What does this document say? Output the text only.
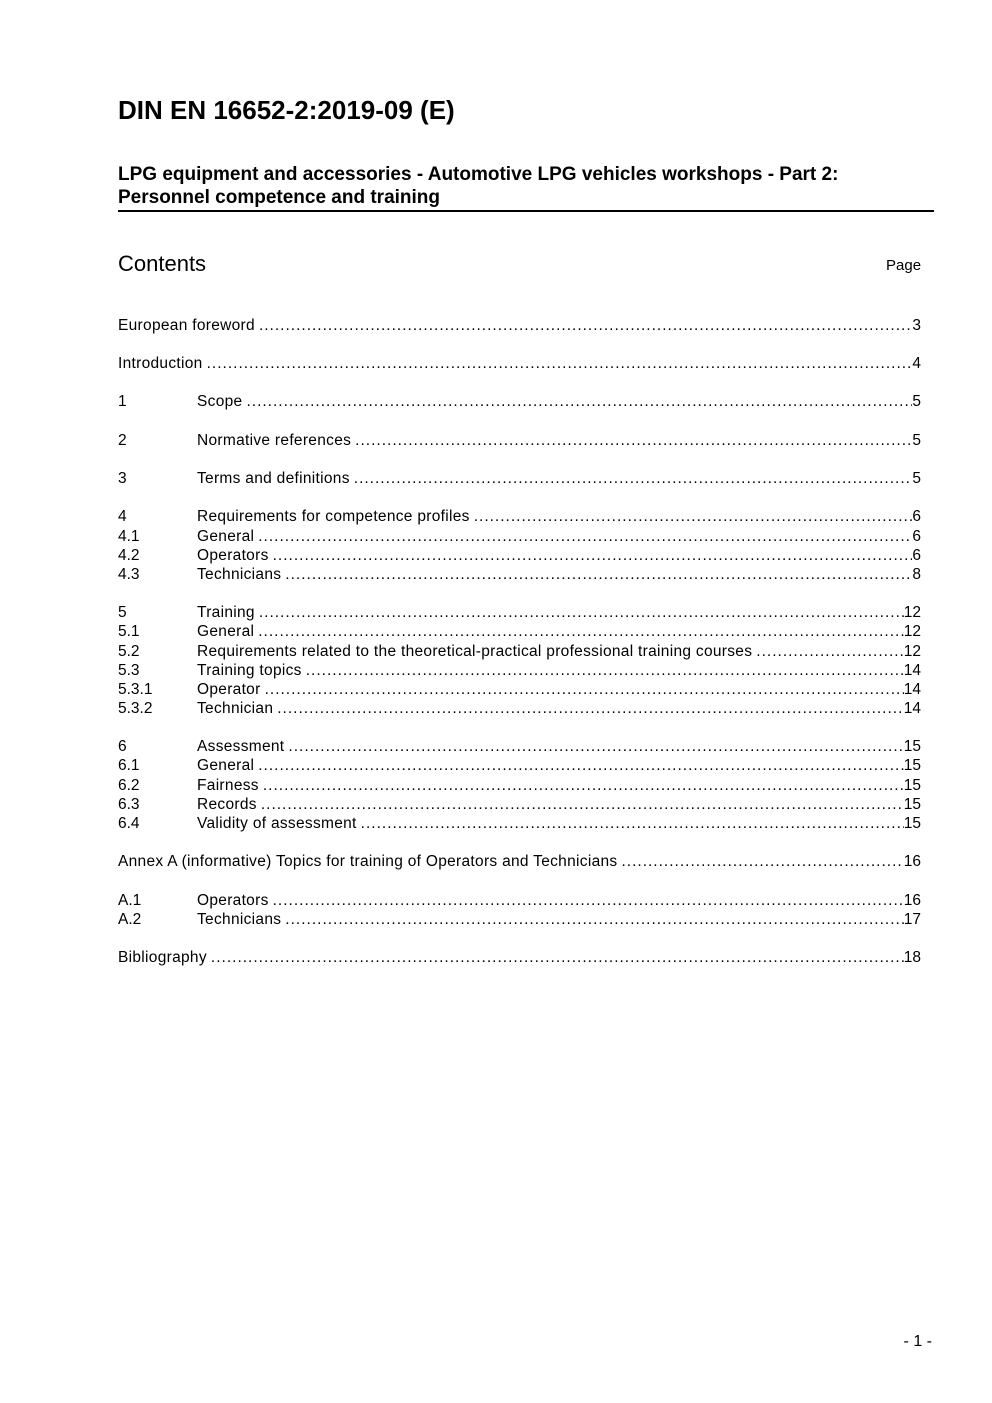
DIN EN 16652-2:2019-09 (E)
LPG equipment and accessories - Automotive LPG vehicles workshops - Part 2:
Personnel competence and training
Contents	Page
European foreword .....	3
Introduction .....	4
1	Scope .....	5
2	Normative references .....	5
3	Terms and definitions .....	5
4	Requirements for competence profiles .....	6
4.1	General .....	6
4.2	Operators .....	6
4.3	Technicians .....	8
5	Training .....	12
5.1	General .....	12
5.2	Requirements related to the theoretical-practical professional training courses .....	12
5.3	Training topics .....	14
5.3.1	Operator .....	14
5.3.2	Technician .....	14
6	Assessment .....	15
6.1	General .....	15
6.2	Fairness .....	15
6.3	Records .....	15
6.4	Validity of assessment .....	15
Annex A (informative) Topics for training of Operators and Technicians .....	16
A.1	Operators .....	16
A.2	Technicians .....	17
Bibliography .....	18
- 1 -
